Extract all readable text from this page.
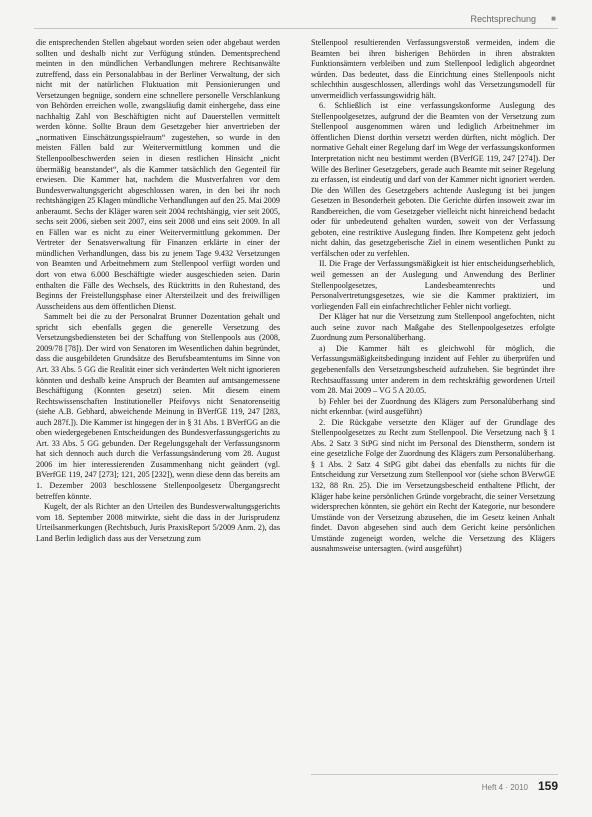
Rechtsprechung ■

die entsprechenden Stellen abgebaut worden seien oder abgebaut werden sollten und deshalb nicht zur Verfügung stünden. Dementsprechend meinten in den mündlichen Verhandlungen mehrere Rechtsanwälte zutreffend, dass ein Personalabbau in der Berliner Verwaltung, der sich nicht mit der natürlichen Fluktuation mit Pensionierungen und Versetzungen begnüge, sondern eine schnellere personelle Verschlankung von Behörden erreichen wolle, zwangsläufig damit einhergehe, dass eine nachhaltig Zahl von Beschäftigten nicht auf Dauerstellen vermittelt werden könne. Sollte Braun dem Gesetzgeber hier anvertrieben der „normativen Einschätzungsspielraum“ zugestehen, so wurde in den meisten Fällen bald zur Weitervermittlung kommen und die Stellenpoolbeschwerden seien in diesen restlichen Hinsicht „nicht übermäßig beanstandet“, als die Kammer tatsächlich den Gegenteil für erwiesen. Die Kammer hat, nachdem die Mustverfahren vor dem Bundesverwaltungsgericht abgeschlossen waren, in den bei ihr noch rechtshängigen 25 Klagen mündliche Verhandlungen auf den 25. Mai 2009 anberaumt. Sechs der Kläger waren seit 2004 rechtshängig, vier seit 2005, sechs seit 2006, sieben seit 2007, eins seit 2008 und eins seit 2009. In all en Fällen war es nicht zu einer Weitervermittlung gekommen. Der Vertreter der Senatsverwaltung für Finanzen erklärte in einer der mündlichen Verhandlungen, dass bis zu jenem Tage 9.432 Versetzungen von Beamten und Arbeitnehmern zum Stellenpool verfügt worden und dort von etwa 6.000 Beschäftigte wieder ausgeschieden seien. Darin enthalten die Fälle des Wechsels, des Rücktritts in den Ruhestand, des Beginns der Freistellungsphase einer Altersteilzeit und des freiwilligen Ausscheidens aus dem öffentlichen Dienst.

Sammelt bei die zu der Personalrat Brunner Dozentation gehalt und spricht sich ebenfalls gegen die generelle Versetzung des Versetzungsbediensteten bei der Schaffung von Stellenpools aus (2008, 2009/78 [78]). Der wird von Senatoren im Wesentlichen dahin begründet, dass die ausgebildeten Grundsätze des Berufsbeamtentums im Sinne von Art. 33 Abs. 5 GG die Realität einer sich veränderten Welt nicht ignorieren könnten und deshalb keine Anspruch der Beamten auf amtsangemessene Beschäftigung (Konnten gesetzt) seien. Mit diesem einem Rechtswissenschaften Institutioneller Pfeifovys nicht Senatorenseitig (siehe A.B. Gebhard, abweichende Meinung in BVerfGE 119, 247 [283, auch 287f.]). Die Kammer ist hingegen der in § 31 Abs. 1 BVerfGG an die oben wiedergegebenen Entscheidungen des Bundesverfassungsgerichts zu Art. 33 Abs. 5 GG gebunden. Der Regelungsgehalt der Verfassungsnorm hat sich dennoch auch durch die Verfassungsänderung vom 28. August 2006 im hier interessierenden Zusammenhang nicht geändert (vgl. BVerfGE 119, 247 [273]; 121, 205 [232]), wenn diese denn das bereits am 1. Dezember 2003 beschlossene Stellenpoolgesetz Übergangsrecht betreffen könnte.

Kugelt, der als Richter an den Urteilen des Bundesverwaltungsgerichts vom 18. September 2008 mitwirkte, sieht die dass in der Jurisprudenz Urteilsanmerkungen (Rechtsbuch, Juris PraxisReport 5/2009 Anm. 2), das Land Berlin lediglich dass aus der Versetzung zum

Stellenpool resultierenden Verfassungsverstoß vermeiden, indem die Beamten bei ihren bisherigen Behörden in ihren abstrakten Funktionsämtern verbleiben und zum Stellenpool lediglich abgeordnet würden. Das bedeutet, dass die Einrichtung eines Stellenpools nicht schlechthin ausgeschlossen, allerdings wohl das Versetzungsmodell für unvermeidlich verfassungswidrig hält.

6. Schließlich ist eine verfassungskonforme Auslegung des Stellenpoolgesetzes, aufgrund der die Beamten von der Versetzung zum Stellenpool ausgenommen wären und lediglich Arbeitnehmer im öffentlichen Dienst dorthin versetzt werden dürften, nicht möglich. Der normative Gehalt einer Regelung darf im Wege der verfassungskonformen Interpretation nicht neu bestimmt werden (BVerfGE 119, 247 [274]). Der Wille des Berliner Gesetzgebers, gerade auch Beamte mit seiner Regelung zu erfassen, ist eindeutig und darf von der Kammer nicht ignoriert werden. Die den Willen des Gesetzgebers achtende Auslegung ist bei jungen Gesetzen in Besonderheit geboten. Die Gerichte dürfen insoweit zwar im Randbereichen, die vom Gesetzgeber vielleicht nicht hinreichend bedacht oder für unbedeutend gehalten wurden, soweit von der Verfassung geboten, eine restriktive Auslegung finden. Ihre Kompetenz geht jedoch nicht dahin, das gesetzgeberische Ziel in einem wesentlichen Punkt zu verfälschen oder zu verfehlen.

II. Die Frage der Verfassungsmäßigkeit ist hier entscheidungserheblich, weil gemessen an der Auslegung und Anwendung des Berliner Stellenpoolgesetzes, Landesbeamtenrechts und Personalvertretungsgesetzes, wie sie die Kammer praktiziert, im vorliegenden Fall ein einfachrechtlicher Fehler nicht vorliegt.

Der Kläger hat nur die Versetzung zum Stellenpool angefochten, nicht auch seine zuvor nach Maßgabe des Stellenpoolgesetzes erfolgte Zuordnung zum Personalüberhang.

a) Die Kammer hält es gleichwohl für möglich, die Verfassungsmäßigkeitsbedingung inzident auf Fehler zu überprüfen und gegebenenfalls den Versetzungsbescheid aufzuheben. Sie begründet ihre Rechtsauffassung unter anderem in dem rechtskräftig gewordenen Urteil vom 28. Mai 2009 – VG 5 A 20.05.

b) Fehler bei der Zuordnung des Klägers zum Personalüberhang sind nicht erkennbar. (wird ausgeführt)

2. Die Rückgabe versetzte den Kläger auf der Grundlage des Stellenpoolgesetzes zu Recht zum Stellenpool. Die Versetzung nach § 1 Abs. 2 Satz 3 StPG sind nicht im Personal des Dienstherrn, sondern ist eine gesetzliche Folge der Zuordnung des Klägers zum Personalüberhang. § 1 Abs. 2 Satz 4 StPG gibt dabei das ebenfalls zu nichts für die Entscheidung zur Versetzung zum Stellenpool vor (siehe schon BVerwGE 132, 88 Rn. 25). Die im Versetzungsbescheid enthaltene Pflicht, der Kläger habe keine persönlichen Gründe vorgebracht, die seiner Versetzung widersprechen könnten, sie gehört ein Recht der Kategorie, nur besondere Umstände von der Versetzung abzusehen, die im Gesetz keinen Anhalt findet. Davon abgesehen sind auch dem Gericht keine persönlichen Umstände zugeneigt worden, welche die Versetzung des Klägers ausnahmsweise untersagten. (wird ausgeführt)

Heft 4 · 2010 159
